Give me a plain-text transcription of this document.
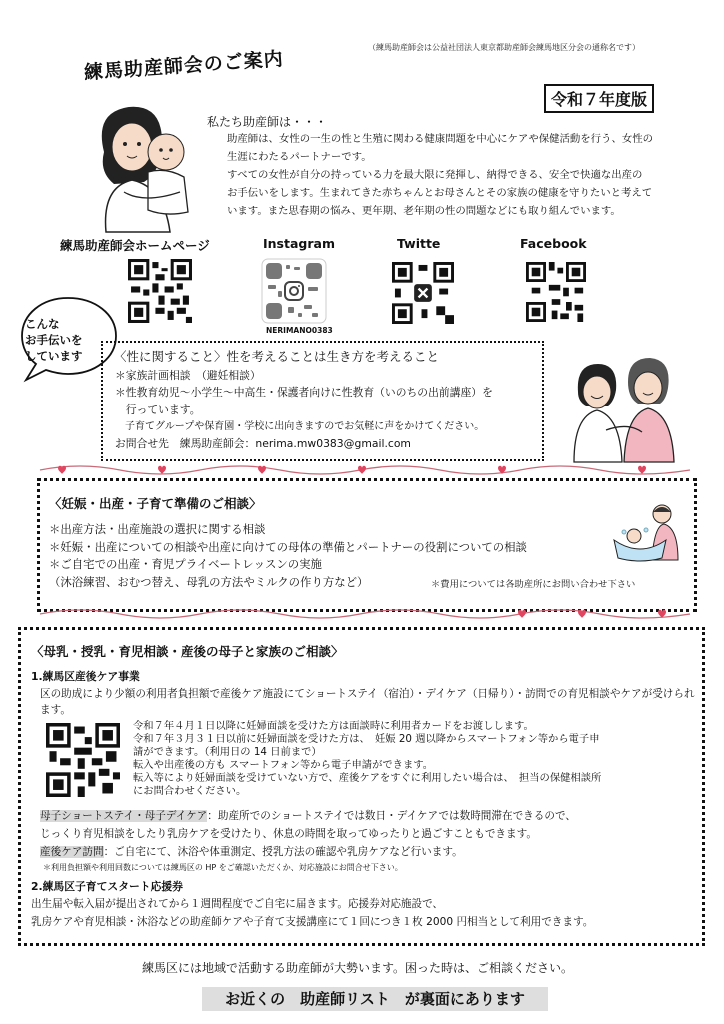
（練馬助産師会は公益社団法人東京都助産師会練馬地区分会の通称名です）
練馬助産師会のご案内
令和７年度版
私たち助産師は・・・

助産師は、女性の一生の性と生殖に関わる健康問題を中心にケアや保健活動を行う、女性の

生涯にわたるパートナーです。

すべての女性が自分の持っている力を最大限に発揮し、納得できる、安全で快適な出産の

お手伝いをします。生まれてきた赤ちゃんとお母さんとその家族の健康を守りたいと考えて

います。また思春期の悩み、更年期、老年期の性の問題などにも取り組んでいます。

練馬助産師会ホームページ	Instagram	Twitte	Facebook
NERIMANO0383
こんな
お手伝いを
しています	〈性に関すること〉性を考えることは生き方を考えること
＊家族計画相談　（避妊相談）
＊性教育幼児～小学生～中高生・保護者向けに性教育（いのちの出前講座）を
　行っています。
　子育てグループや保育園・学校に出向きますのでお気軽に声をかけてください。
お問合せ先　練馬助産師会：nerima.mw0383@gmail.com
〈妊娠・出産・子育て準備のご相談〉
＊出産方法・出産施設の選択に関する相談
＊妊娠・出産についての相談や出産に向けての母体の準備とパートナーの役割についての相談
＊ご自宅での出産・育児プライベートレッスンの実施
（沐浴練習、おむつ替え、母乳の方法やミルクの作り方など）	＊費用については各助産所にお問い合わせ下さい
〈母乳・授乳・育児相談・産後の母子と家族のご相談〉
1.練馬区産後ケア事業
区の助成により少額の利用者負担額で産後ケア施設にてショートステイ（宿泊）・デイケア（日帰り）・訪問での育児相談やケアが受けられます。
令和７年４月１日以降に妊婦面談を受けた方は面談時に利用者カードをお渡しします。
令和７年３月３１日以前に妊婦面談を受けた方は、　妊娠 20 週以降からスマートフォン等から電子申
請ができます。（利用日の 14 日前まで）
転入や出産後の方も スマートフォン等から電子申請ができます。
転入等により妊婦面談を受けていない方で、産後ケアをすぐに利用したい場合は、　担当の保健相談所
にお問合わせください。
母子ショートステイ・母子デイケア：助産所でのショートステイでは数日・デイケアでは数時間滞在できるので、
じっくり育児相談をしたり乳房ケアを受けたり、休息の時間を取ってゆったりと過ごすこともできます。
産後ケア訪問：ご自宅にて、沐浴や体重測定、授乳方法の確認や乳房ケアなど行います。
＊利用負担額や利用回数については練馬区の HP をご確認いただくか、対応施設にお問合せ下さい。
2.練馬区子育てスタート応援券
出生届や転入届が提出されてから１週間程度でご自宅に届きます。応援券対応施設で、
乳房ケアや育児相談・沐浴などの助産師ケアや子育て支援講座にて１回につき１枚 2000 円相当として利用できます。
練馬区には地域で活動する助産師が大勢います。困った時は、ご相談ください。
お近くの　助産師リスト　が裏面にあります
